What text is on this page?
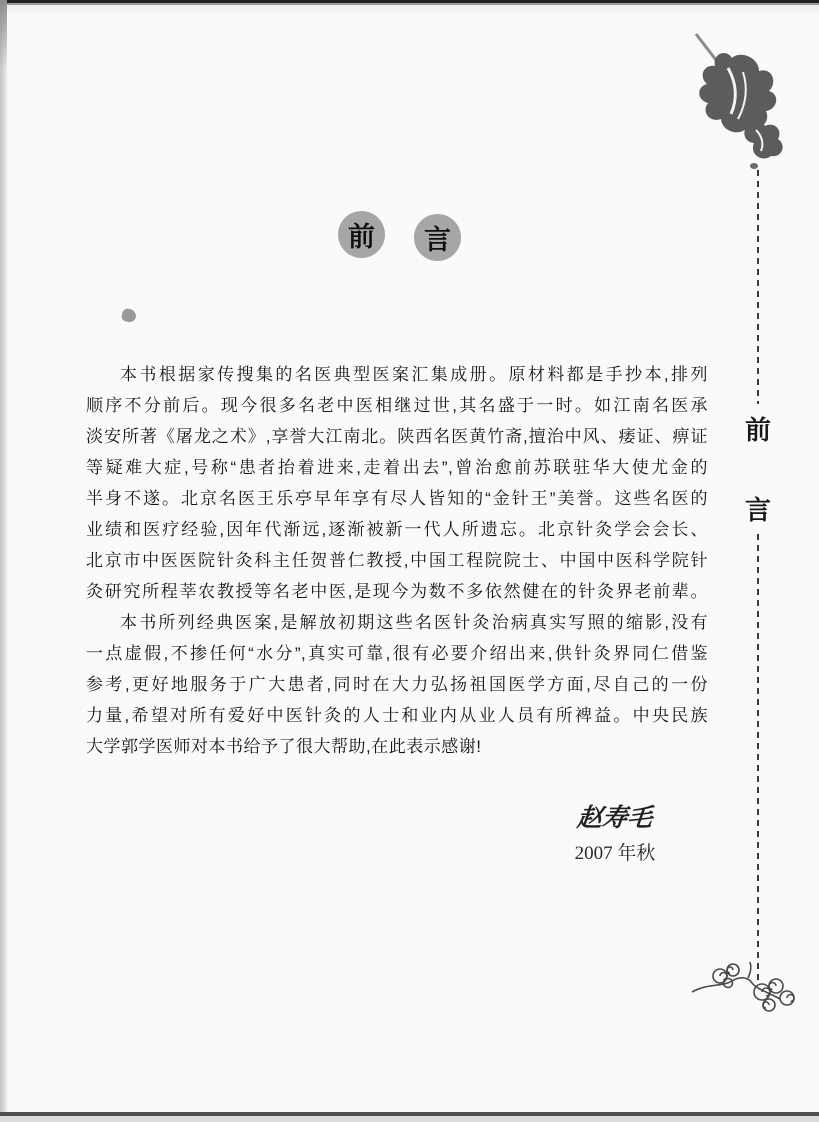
前
言
前 言
本书根据家传搜集的名医典型医案汇集成册。原材料都是手抄本,排列
顺序不分前后。现今很多名老中医相继过世,其名盛于一时。如江南名医承
淡安所著《屠龙之术》,享誉大江南北。陕西名医黄竹斋,擅治中风、痿证、痹证
等疑难大症,号称“患者抬着进来,走着出去”,曾治愈前苏联驻华大使尤金的
半身不遂。北京名医王乐亭早年享有尽人皆知的“金针王”美誉。这些名医的
业绩和医疗经验,因年代渐远,逐渐被新一代人所遗忘。北京针灸学会会长、
北京市中医医院针灸科主任贺普仁教授,中国工程院院士、中国中医科学院针
灸研究所程莘农教授等名老中医,是现今为数不多依然健在的针灸界老前辈。
本书所列经典医案,是解放初期这些名医针灸治病真实写照的缩影,没有
一点虚假,不掺任何“水分”,真实可靠,很有必要介绍出来,供针灸界同仁借鉴
参考,更好地服务于广大患者,同时在大力弘扬祖国医学方面,尽自己的一份
力量,希望对所有爱好中医针灸的人士和业内从业人员有所裨益。中央民族
大学郭学医师对本书给予了很大帮助,在此表示感谢!
赵寿毛
2007 年秋
